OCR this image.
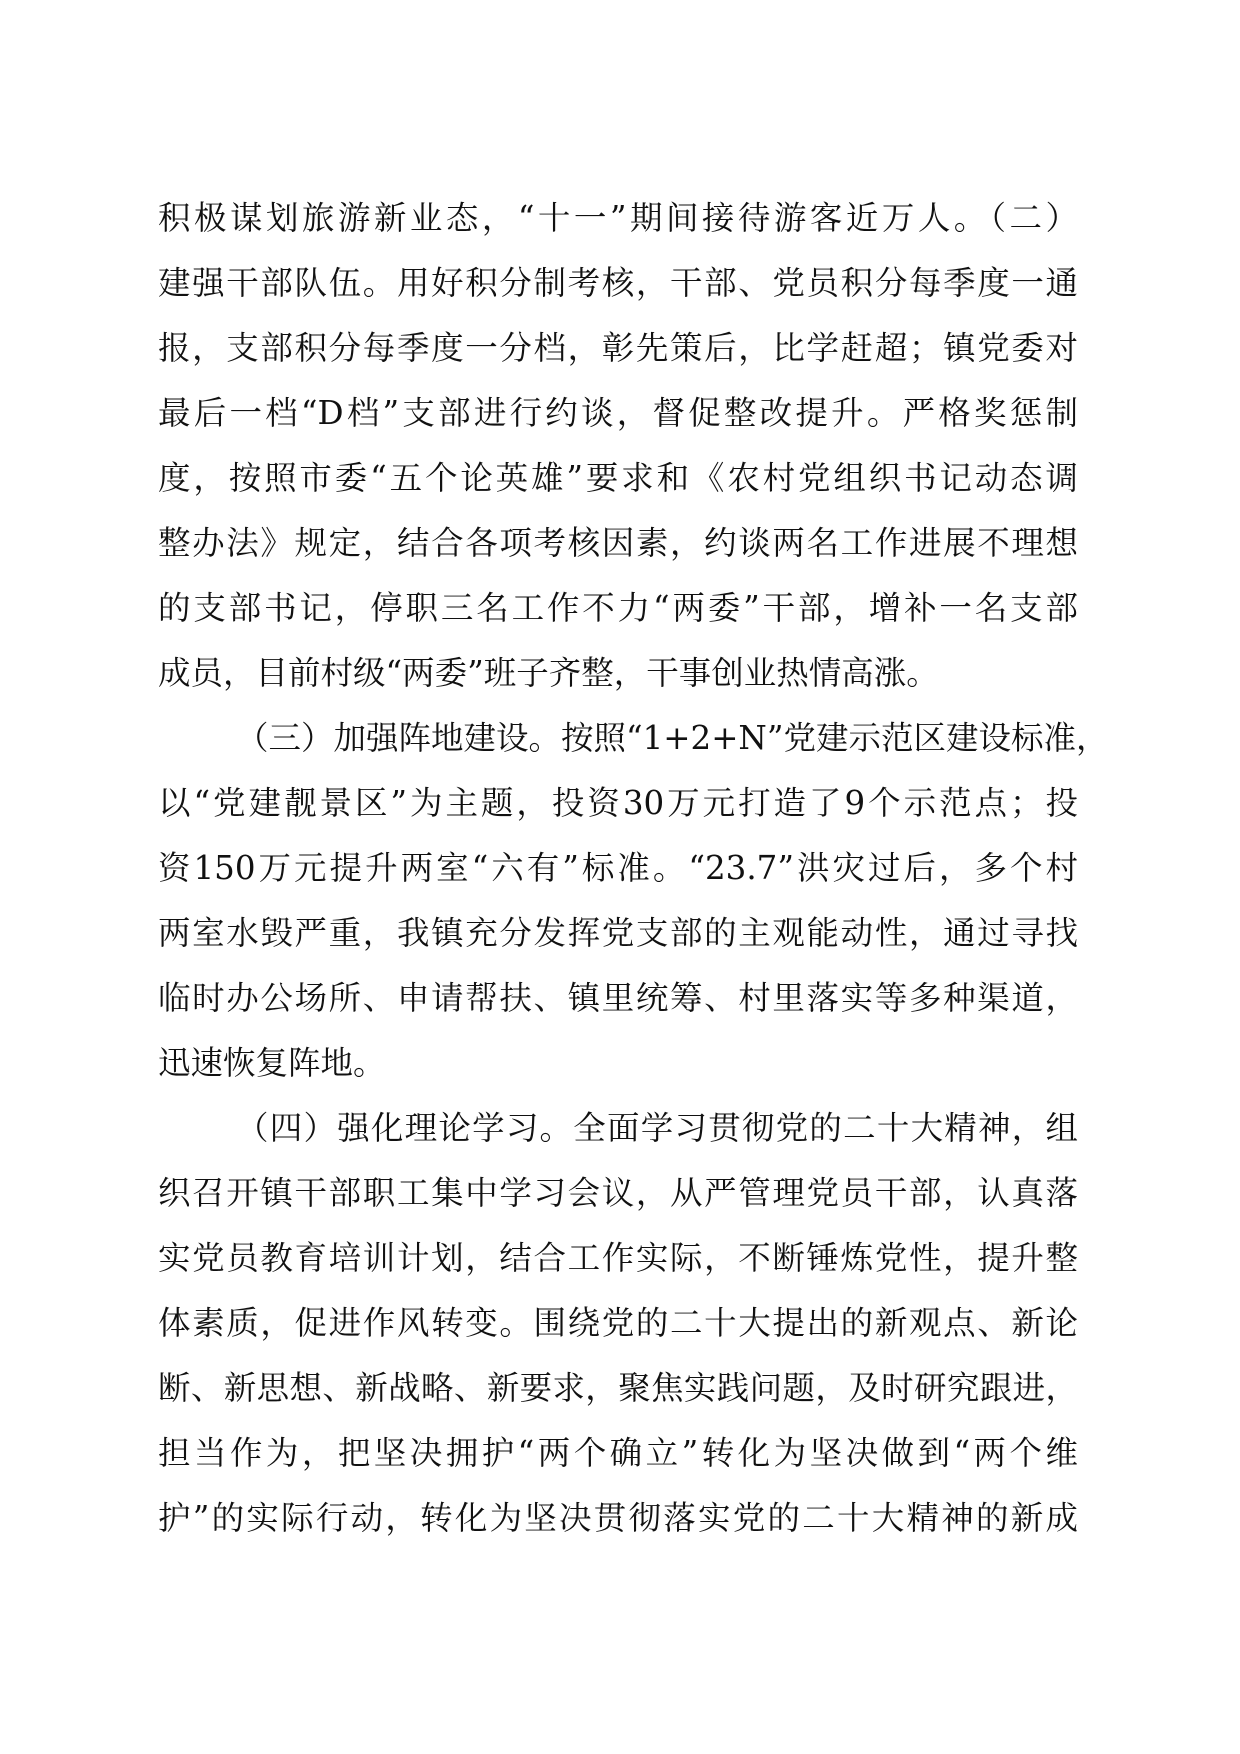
积极谋划旅游新业态，“十一”期间接待游客近万人。（二）
建强干部队伍。用好积分制考核，干部、党员积分每季度一通
报，支部积分每季度一分档，彰先策后，比学赶超；镇党委对
最后一档“D档”支部进行约谈，督促整改提升。严格奖惩制
度，按照市委“五个论英雄”要求和《农村党组织书记动态调
整办法》规定，结合各项考核因素，约谈两名工作进展不理想
的支部书记，停职三名工作不力“两委”干部，增补一名支部
成员，目前村级“两委”班子齐整，干事创业热情高涨。
（三）加强阵地建设。按照“1+2+N”党建示范区建设标准，
以“党建靓景区”为主题，投资30万元打造了9个示范点；投
资150万元提升两室“六有”标准。“23.7”洪灾过后，多个村
两室水毁严重，我镇充分发挥党支部的主观能动性，通过寻找
临时办公场所、申请帮扶、镇里统筹、村里落实等多种渠道，
迅速恢复阵地。
（四）强化理论学习。全面学习贯彻党的二十大精神，组
织召开镇干部职工集中学习会议，从严管理党员干部，认真落
实党员教育培训计划，结合工作实际，不断锤炼党性，提升整
体素质，促进作风转变。围绕党的二十大提出的新观点、新论
断、新思想、新战略、新要求，聚焦实践问题，及时研究跟进，
担当作为，把坚决拥护“两个确立”转化为坚决做到“两个维
护”的实际行动，转化为坚决贯彻落实党的二十大精神的新成
